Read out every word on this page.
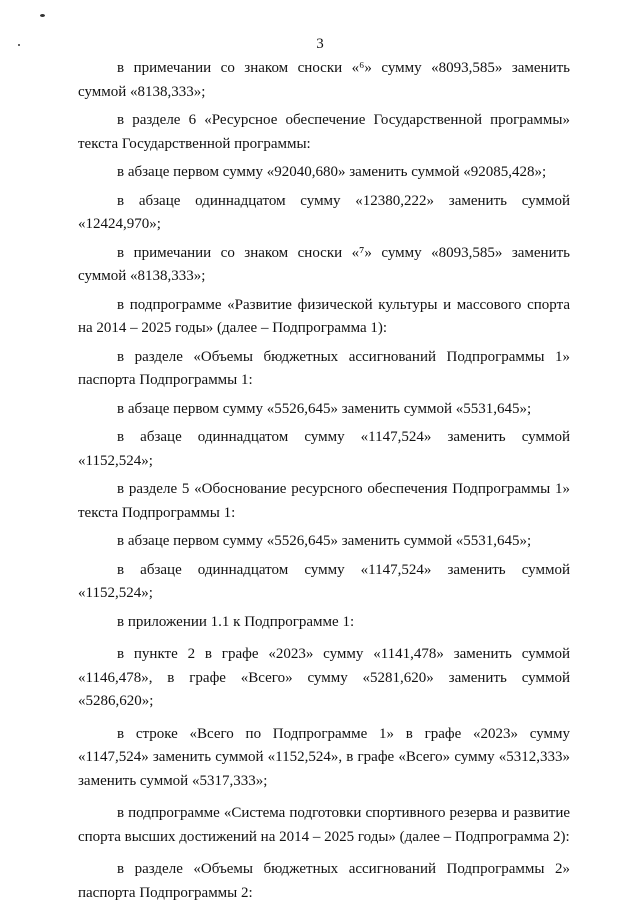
3

в примечании со знаком сноски «⁶» сумму «8093,585» заменить суммой «8138,333»;

в разделе 6 «Ресурсное обеспечение Государственной программы» текста Государственной программы:

в абзаце первом сумму «92040,680» заменить суммой «92085,428»;

в абзаце одиннадцатом сумму «12380,222» заменить суммой «12424,970»;

в примечании со знаком сноски «⁷» сумму «8093,585» заменить суммой «8138,333»;

в подпрограмме «Развитие физической культуры и массового спорта на 2014 – 2025 годы» (далее – Подпрограмма 1):

в разделе «Объемы бюджетных ассигнований Подпрограммы 1» паспорта Подпрограммы 1:

в абзаце первом сумму «5526,645» заменить суммой «5531,645»;

в абзаце одиннадцатом сумму «1147,524» заменить суммой «1152,524»;

в разделе 5 «Обоснование ресурсного обеспечения Подпрограммы 1» текста Подпрограммы 1:

в абзаце первом сумму «5526,645» заменить суммой «5531,645»;

в абзаце одиннадцатом сумму «1147,524» заменить суммой «1152,524»;

в приложении 1.1 к Подпрограмме 1:

в пункте 2 в графе «2023» сумму «1141,478» заменить суммой «1146,478», в графе «Всего» сумму «5281,620» заменить суммой «5286,620»;

в строке «Всего по Подпрограмме 1» в графе «2023» сумму «1147,524» заменить суммой «1152,524», в графе «Всего» сумму «5312,333» заменить суммой «5317,333»;

в подпрограмме «Система подготовки спортивного резерва и развитие спорта высших достижений на 2014 – 2025 годы» (далее – Подпрограмма 2):

в разделе «Объемы бюджетных ассигнований Подпрограммы 2» паспорта Подпрограммы 2:
